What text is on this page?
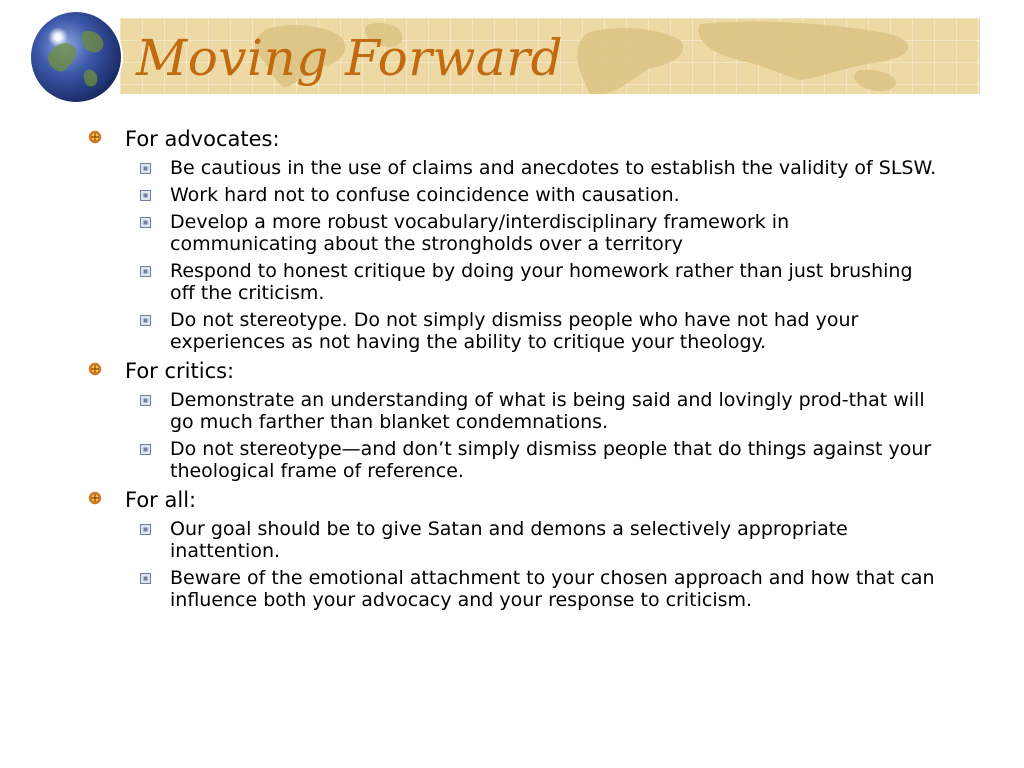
Moving Forward
For advocates:
Be cautious in the use of claims and anecdotes to establish the validity of SLSW.
Work hard not to confuse coincidence with causation.
Develop a more robust vocabulary/interdisciplinary framework in communicating about the strongholds over a territory
Respond to honest critique by doing your homework rather than just brushing off the criticism.
Do not stereotype. Do not simply dismiss people who have not had your experiences as not having the ability to critique your theology.
For critics:
Demonstrate an understanding of what is being said and lovingly prod-that will go much farther than blanket condemnations.
Do not stereotype—and don’t simply dismiss people that do things against your theological frame of reference.
For all:
Our goal should be to give Satan and demons a selectively appropriate inattention.
Beware of the emotional attachment to your chosen approach and how that can influence both your advocacy and your response to criticism.
